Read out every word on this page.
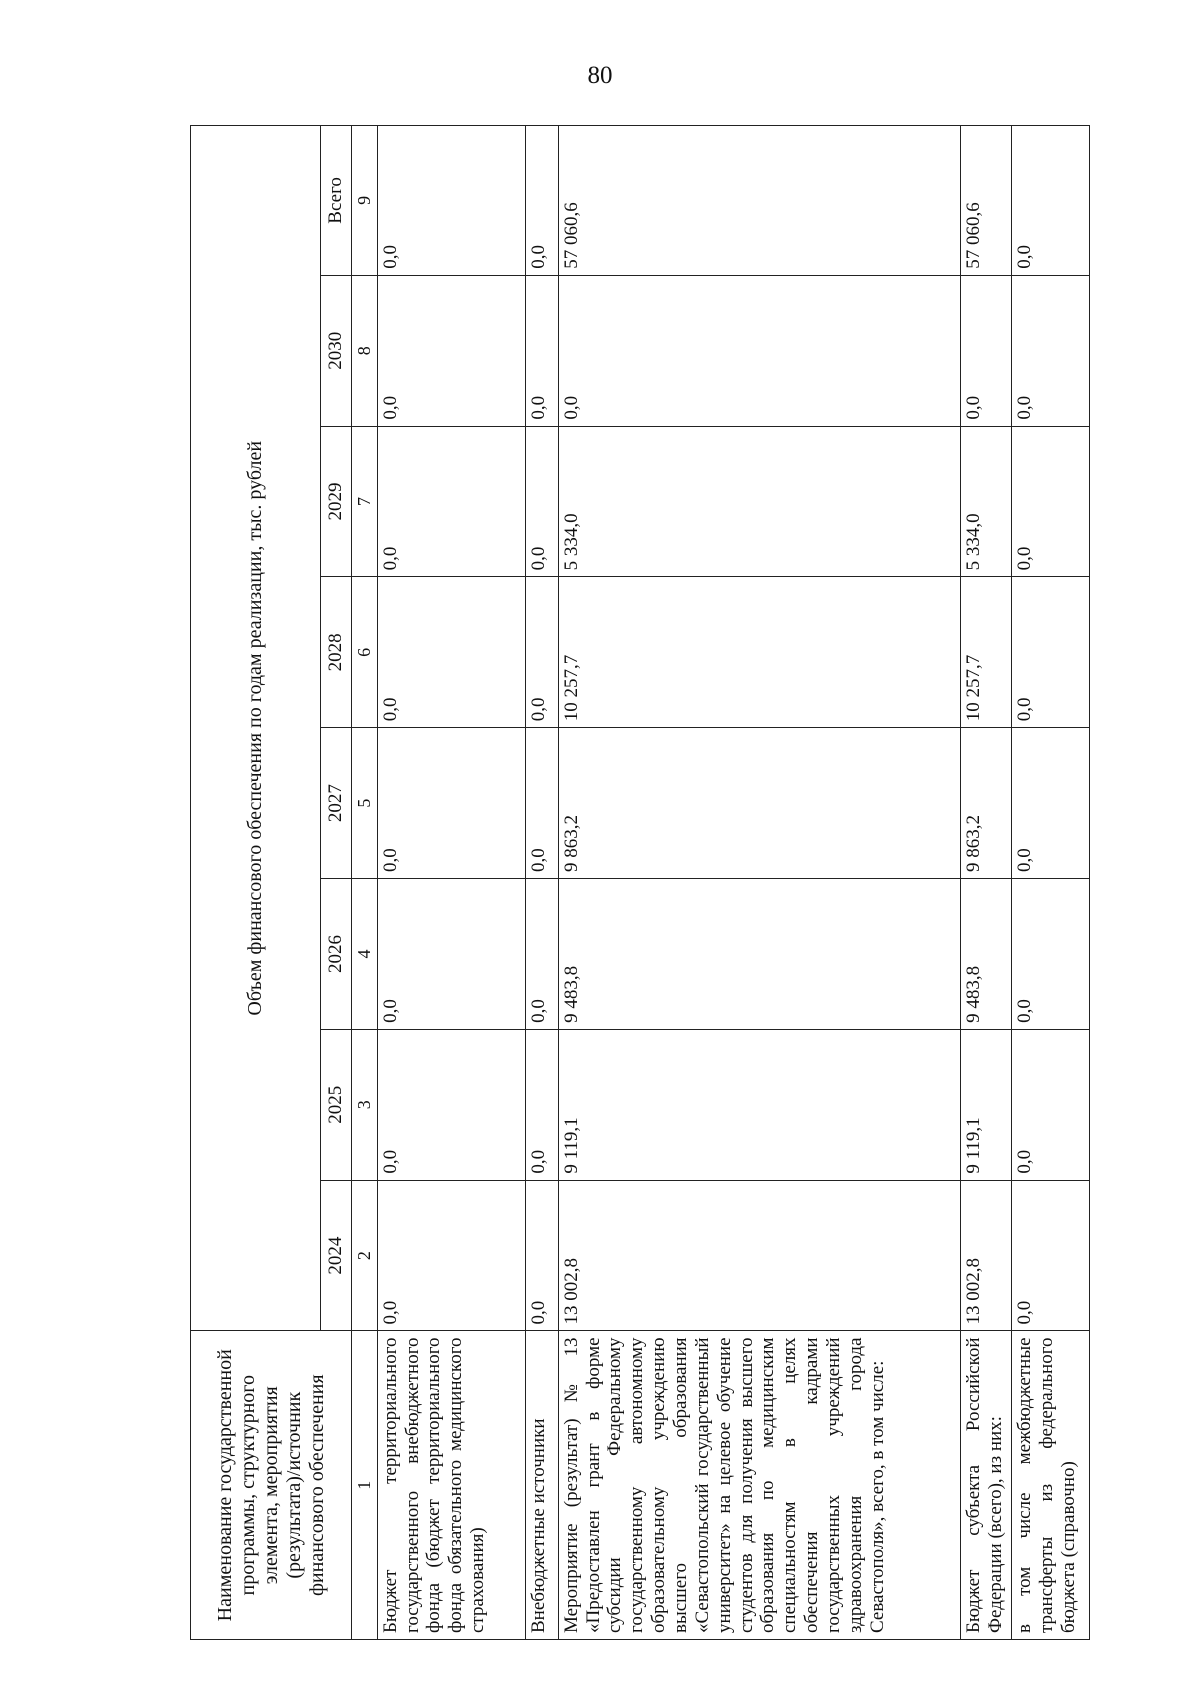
80
Наименование государственной программы, структурного элемента, мероприятия (результата)/источник финансового обеспечения	Объем финансового обеспечения по годам реализации, тыс. рублей							
	2024	2025	2026	2027	2028	2029	2030	Всего
1	2	3	4	5	6	7	8	9
Бюджет территориального государственного внебюджетного фонда (бюджет территориального фонда обязательного медицинского страхования)	0,0	0,0	0,0	0,0	0,0	0,0	0,0	0,0
Внебюджетные источники	0,0	0,0	0,0	0,0	0,0	0,0	0,0	0,0
Мероприятие (результат) № 13 «Предоставлен грант в форме субсидии Федеральному государственному автономному образовательному учреждению высшего образования «Севастопольский государственный университет» на целевое обучение студентов для получения высшего образования по медицинским специальностям в целях обеспечения кадрами государственных учреждений здравоохранения города Севастополя», всего, в том числе:	13 002,8	9 119,1	9 483,8	9 863,2	10 257,7	5 334,0	0,0	57 060,6
Бюджет субъекта Российской Федерации (всего), из них:	13 002,8	9 119,1	9 483,8	9 863,2	10 257,7	5 334,0	0,0	57 060,6
в том числе межбюджетные трансферты из федерального бюджета (справочно)	0,0	0,0	0,0	0,0	0,0	0,0	0,0	0,0
